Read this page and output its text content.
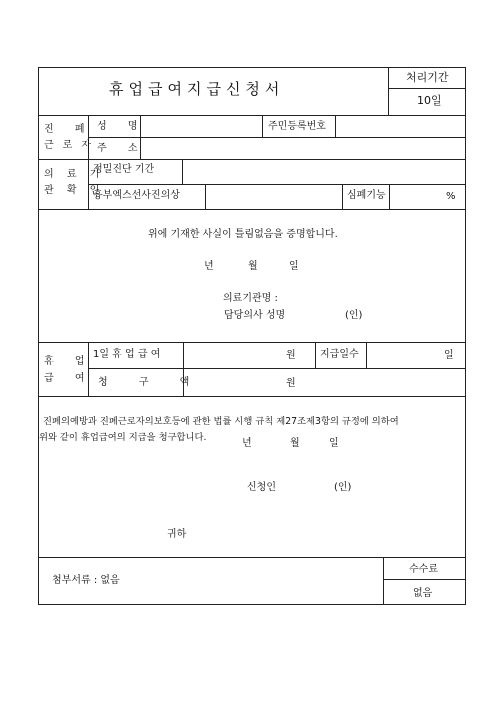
휴업급여지급신청서
처리기간
10일
진 폐
근로자
성 명	주민등록번호
주 소
의 료 기
관 확 인
정밀진단 기간
흉부엑스선사진의상	심폐기능	%
위에 기재한 사실이 틀림없음을 증명합니다.
년	월	일
의료기관명 :
담당의사 성명	(인)
휴 업
급 여
1일 휴 업 급 여	원 지급일수	일
청 구 액	원
진폐의예방과 진폐근로자의보호등에 관한 법률 시행 규칙 제27조제3항의 규정에 의하여
위와 같이 휴업급여의 지급을 청구합니다.
년	월	일
신청인	(인)
귀하
첨부서류 : 없음
수수료
없음
